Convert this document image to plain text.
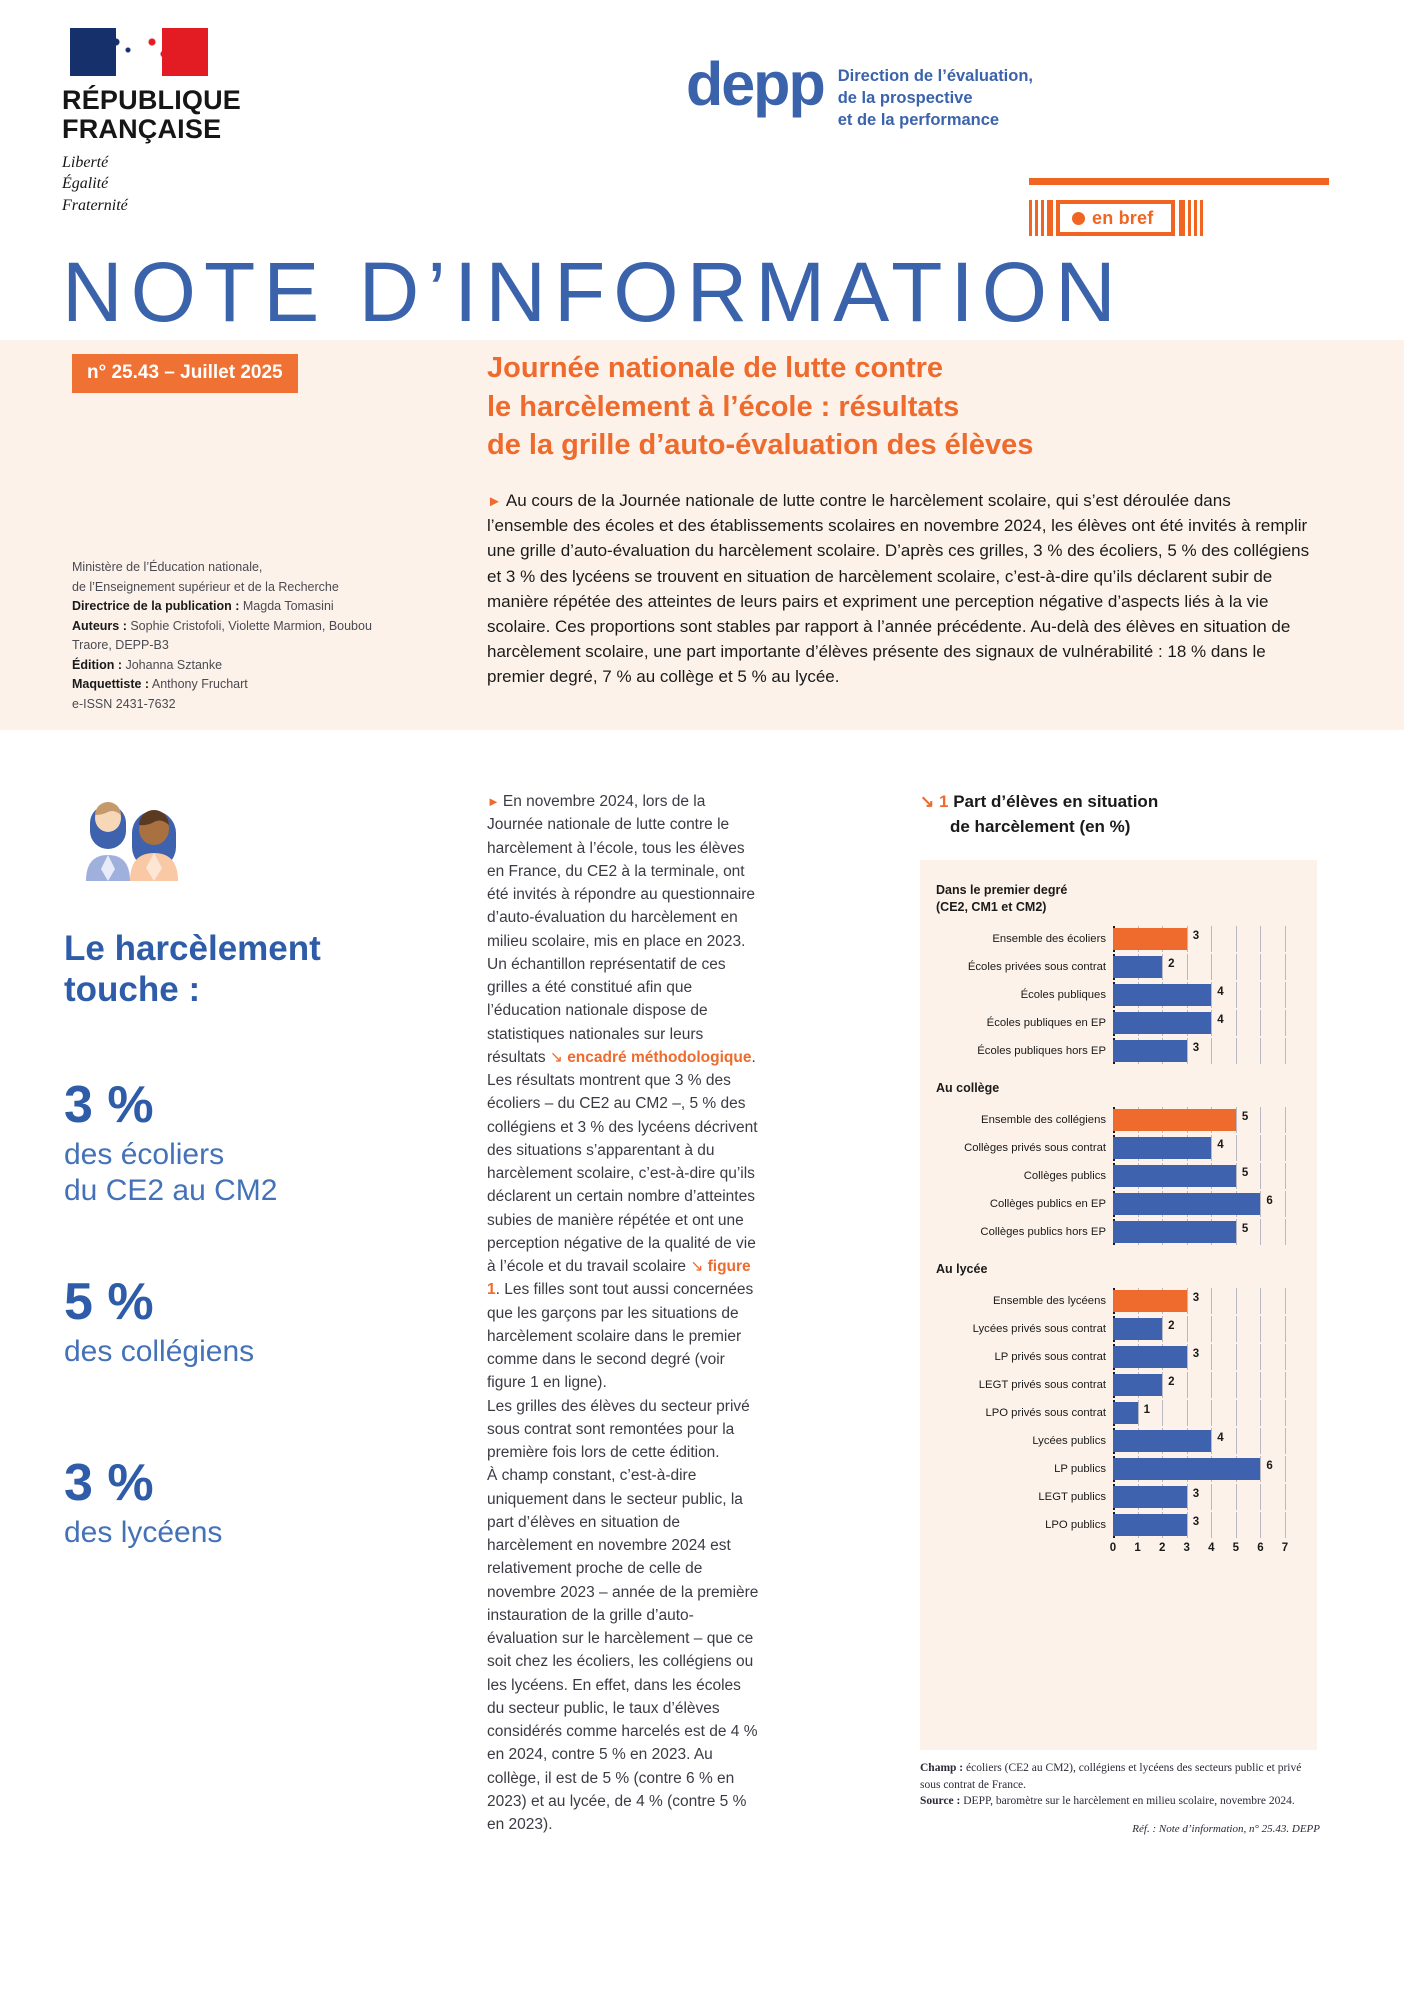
RÉPUBLIQUE
FRANÇAISE
Liberté
Égalité
Fraternité
depp Direction de l’évaluation,
de la prospective
et de la performance
en bref
NOTE D’INFORMATION
n° 25.43 – Juillet 2025	Journée nationale de lutte contre
le harcèlement à l’école : résultats
de la grille d’auto-évaluation des élèves
► Au cours de la Journée nationale de lutte contre le harcèlement scolaire, qui s’est déroulée dans l’ensemble des écoles et des établissements scolaires en novembre 2024, les élèves ont été invités à remplir une grille d’auto-évaluation du harcèlement scolaire. D’après ces grilles, 3 % des écoliers, 5 % des collégiens et 3 % des lycéens se trouvent en situation de harcèlement scolaire, c’est-à-dire qu’ils déclarent subir de manière répétée des atteintes de leurs pairs et expriment une perception négative d’aspects liés à la vie scolaire. Ces proportions sont stables par rapport à l’année précédente. Au-delà des élèves en situation de harcèlement scolaire, une part importante d’élèves présente des signaux de vulnérabilité : 18 % dans le premier degré, 7 % au collège et 5 % au lycée.
Ministère de l’Éducation nationale,
de l’Enseignement supérieur et de la Recherche
Directrice de la publication : Magda Tomasini
Auteurs : Sophie Cristofoli, Violette Marmion, Boubou Traore, DEPP-B3
Édition : Johanna Sztanke
Maquettiste : Anthony Fruchart
e-ISSN 2431-7632
Le harcèlement
touche :
3 %
des écoliers
du CE2 au CM2
5 %
des collégiens
3 %
des lycéens

► En novembre 2024, lors de la Journée nationale de lutte contre le harcèlement à l’école, tous les élèves en France, du CE2 à la terminale, ont été invités à répondre au questionnaire d’auto-évaluation du harcèlement en milieu scolaire, mis en place en 2023. Un échantillon représentatif de ces grilles a été constitué afin que l’éducation nationale dispose de statistiques nationales sur leurs résultats ↘ encadré méthodologique. Les résultats montrent que 3 % des écoliers – du CE2 au CM2 –, 5 % des collégiens et 3 % des lycéens décrivent des situations s’apparentant à du harcèlement scolaire, c’est-à-dire qu’ils déclarent un certain nombre d’atteintes subies de manière répétée et ont une perception négative de la qualité de vie à l’école et du travail scolaire ↘ figure 1. Les filles sont tout aussi concernées que les garçons par les situations de harcèlement scolaire dans le premier comme dans le second degré (voir figure 1 en ligne).

Les grilles des élèves du secteur privé sous contrat sont remontées pour la première fois lors de cette édition.

À champ constant, c’est-à-dire uniquement dans le secteur public, la part d’élèves en situation de harcèlement en novembre 2024 est relativement proche de celle de novembre 2023 – année de la première instauration de la grille d’auto-évaluation sur le harcèlement – que ce soit chez les écoliers, les collégiens ou les lycéens. En effet, dans les écoles du secteur public, le taux d’élèves considérés comme harcelés est de 4 % en 2024, contre 5 % en 2023. Au collège, il est de 5 % (contre 6 % en 2023) et au lycée, de 4 % (contre 5 % en 2023).

↘ 1 Part d’élèves en situation
de harcèlement (en %)
Dans le premier degré
(CE2, CM1 et CM2)
Ensemble des écoliers	3
Écoles privées sous contrat	2
Écoles publiques	4
Écoles publiques en EP	4
Écoles publiques hors EP	3
Au collège
Ensemble des collégiens	5
Collèges privés sous contrat	4
Collèges publics	5
Collèges publics en EP	6
Collèges publics hors EP	5
Au lycée
Ensemble des lycéens	3
Lycées privés sous contrat	2
LP privés sous contrat	3
LEGT privés sous contrat	2
LPO privés sous contrat	1
Lycées publics	4
LP publics	6
LEGT publics	3
LPO publics	3
0 1 2 3 4 5 6 7
Champ : écoliers (CE2 au CM2), collégiens et lycéens des secteurs public et privé sous contrat de France.
Source : DEPP, baromètre sur le harcèlement en milieu scolaire, novembre 2024.
Réf. : Note d’information, n° 25.43. DEPP
